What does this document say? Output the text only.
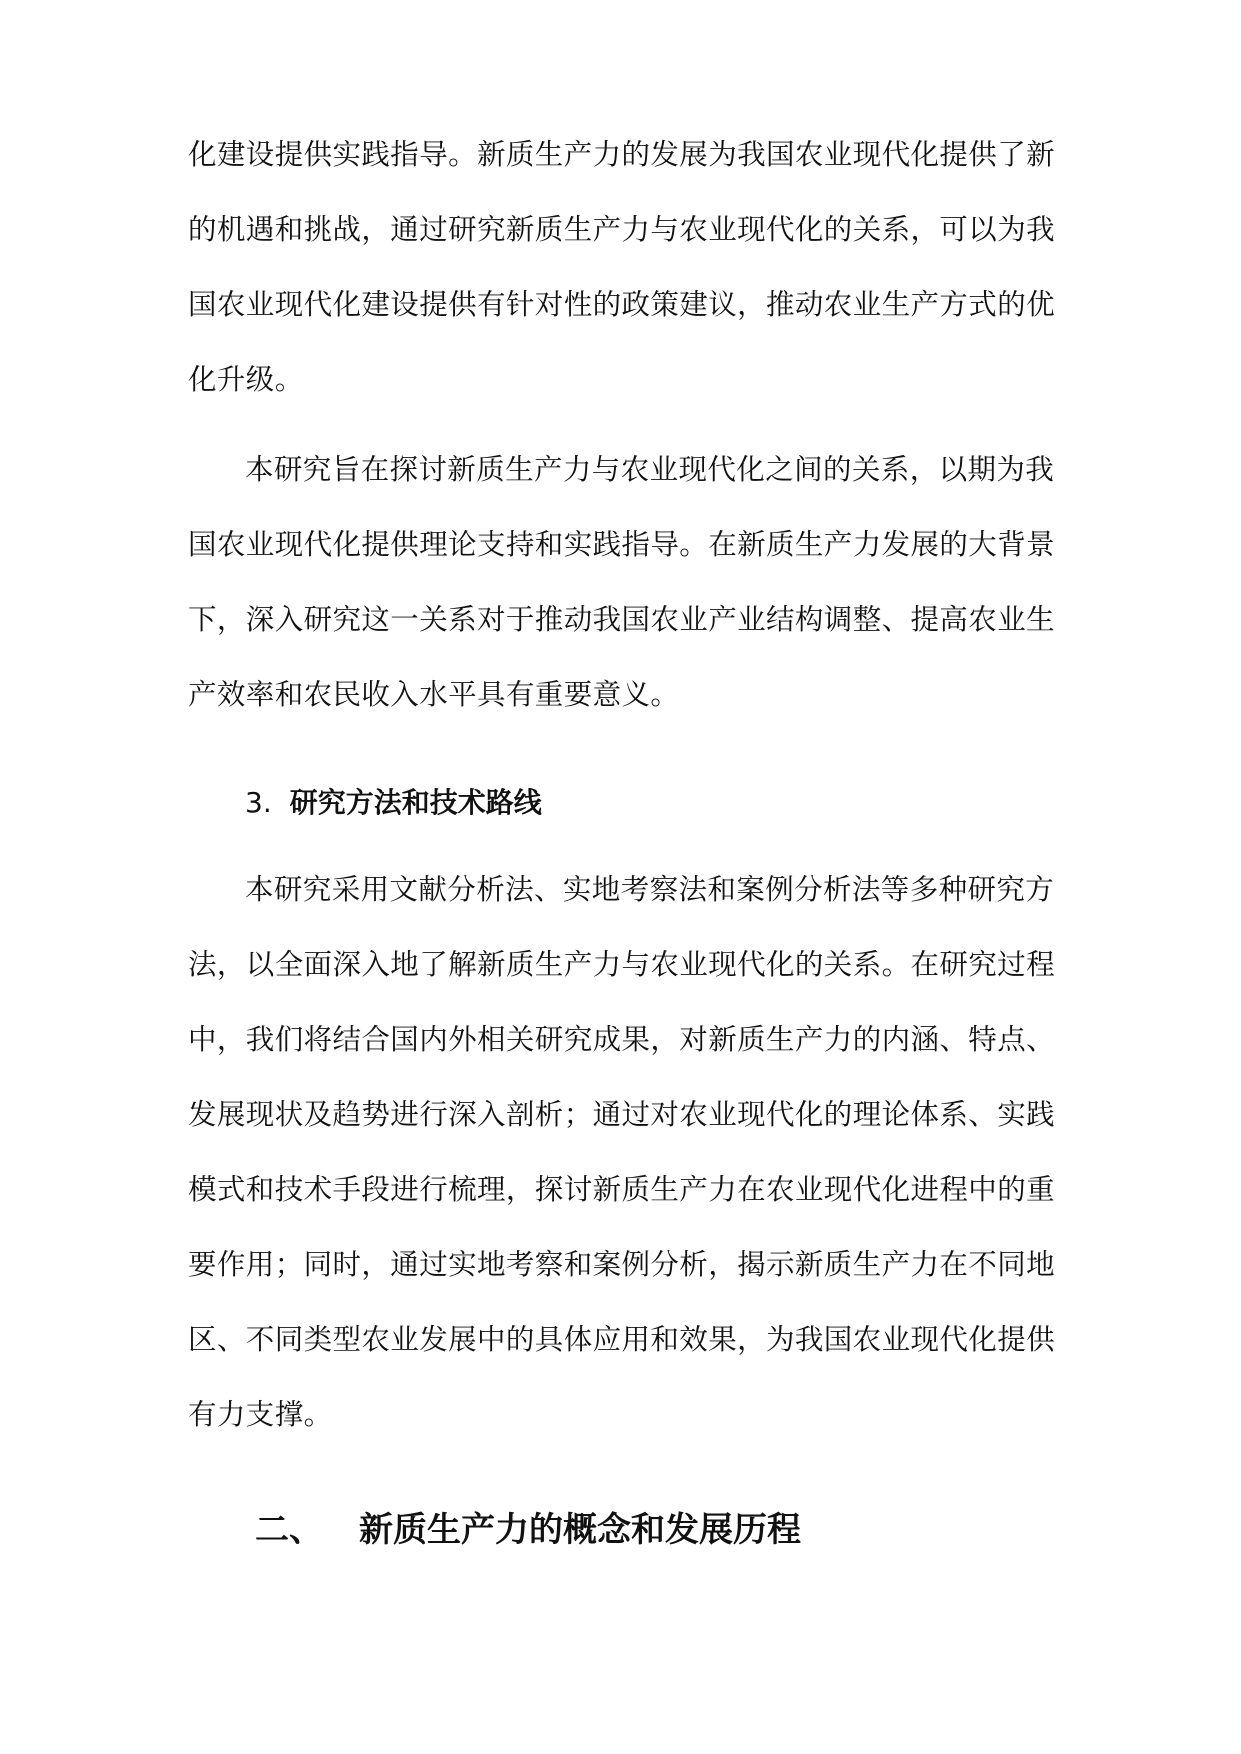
化建设提供实践指导。新质生产力的发展为我国农业现代化提供了新
的机遇和挑战，通过研究新质生产力与农业现代化的关系，可以为我
国农业现代化建设提供有针对性的政策建议，推动农业生产方式的优
化升级。
本研究旨在探讨新质生产力与农业现代化之间的关系，以期为我
国农业现代化提供理论支持和实践指导。在新质生产力发展的大背景
下，深入研究这一关系对于推动我国农业产业结构调整、提高农业生
产效率和农民收入水平具有重要意义。
3. 研究方法和技术路线
本研究采用文献分析法、实地考察法和案例分析法等多种研究方
法，以全面深入地了解新质生产力与农业现代化的关系。在研究过程
中，我们将结合国内外相关研究成果，对新质生产力的内涵、特点、
发展现状及趋势进行深入剖析；通过对农业现代化的理论体系、实践
模式和技术手段进行梳理，探讨新质生产力在农业现代化进程中的重
要作用；同时，通过实地考察和案例分析，揭示新质生产力在不同地
区、不同类型农业发展中的具体应用和效果，为我国农业现代化提供
有力支撑。
二、 新质生产力的概念和发展历程
